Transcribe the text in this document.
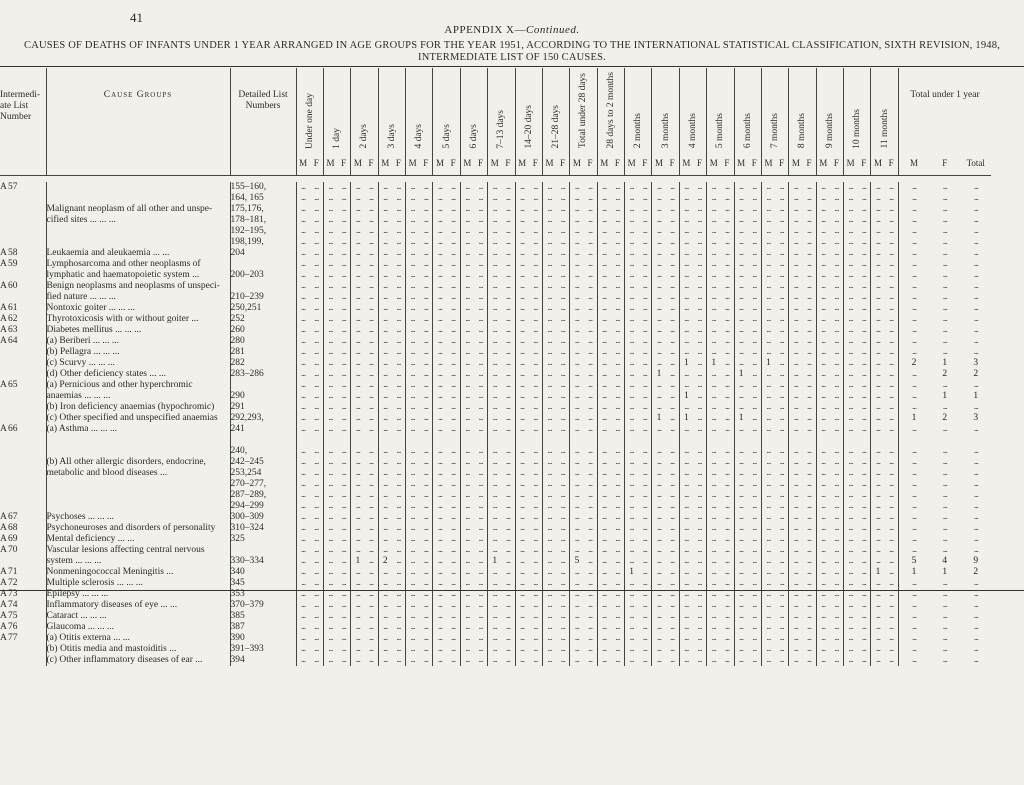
41
APPENDIX X—Continued.
CAUSES OF DEATHS OF INFANTS UNDER 1 YEAR ARRANGED IN AGE GROUPS FOR THE YEAR 1951, ACCORDING TO THE INTERNATIONAL STATISTICAL CLASSIFICATION, SIXTH REVISION, 1948,
INTERMEDIATE LIST OF 150 CAUSES.
Intermedi-ate List Number		Cause Groups	Detailed List Numbers	Under one day		1 day		2 days		3 days		4 days		5 days		6 days		7–13 days		14–20 days		21–28 days		Total under 28 days		28 days to 2 months		2 months		3 months		4 months		5 months		6 months		7 months		8 months		9 months		10 months		11 months		Total under 1 year		
				M	F	M	F	M	F	M	F	M	F	M	F	M	F	M	F	M	F	M	F	M	F	M	F	M	F	M	F	M	F	M	F	M	F	M	F	M	F	M	F	M	F	M	F	M	F	Total

A	57		155–160,	...	...	...	...	...	...	...	...	...	...	...	...	...	...	...	...	...	...	...	...	...	...	...	...	...	...	...	...	...	...	...	...	...	...	...	...	...	...	...	...	...	...	...	...	...	...	...
			164, 165	...	...	...	...	...	...	...	...	...	...	...	...	...	...	...	...	...	...	...	...	...	...	...	...	...	...	...	...	...	...	...	...	...	...	...	...	...	...	...	...	...	...	...	...	...	...	...
		Malignant neoplasm of all other and unspe-	175,176,	...	...	...	...	...	...	...	...	...	...	...	...	...	...	...	...	...	...	...	...	...	...	...	...	...	...	...	...	...	...	...	...	...	...	...	...	...	...	...	...	...	...	...	...	...	...	...
		cified sites ... ... ...	178–181,	...	...	...	...	...	...	...	...	...	...	...	...	...	...	...	...	...	...	...	...	...	...	...	...	...	...	...	...	...	...	...	...	...	...	...	...	...	...	...	...	...	...	...	...	...	...	...
			192–195,	...	...	...	...	...	...	...	...	...	...	...	...	...	...	...	...	...	...	...	...	...	...	...	...	...	...	...	...	...	...	...	...	...	...	...	...	...	...	...	...	...	...	...	...	...	...	...
			198,199,	...	...	...	...	...	...	...	...	...	...	...	...	...	...	...	...	...	...	...	...	...	...	...	...	...	...	...	...	...	...	...	...	...	...	...	...	...	...	...	...	...	...	...	...	...	...	...
A	58	Leukaemia and aleukaemia ... ...	204	...	...	...	...	...	...	...	...	...	...	...	...	...	...	...	...	...	...	...	...	...	...	...	...	...	...	...	...	...	...	...	...	...	...	...	...	...	...	...	...	...	...	...	...	...	...	...
A	59	Lymphosarcoma and other neoplasms of		...	...	...	...	...	...	...	...	...	...	...	...	...	...	...	...	...	...	...	...	...	...	...	...	...	...	...	...	...	...	...	...	...	...	...	...	...	...	...	...	...	...	...	...	...	...	...
		lymphatic and haematopoietic system ...	200–203	...	...	...	...	...	...	...	...	...	...	...	...	...	...	...	...	...	...	...	...	...	...	...	...	...	...	...	...	...	...	...	...	...	...	...	...	...	...	...	...	...	...	...	...	...	...	...
A	60	Benign neoplasms and neoplasms of unspeci-		...	...	...	...	...	...	...	...	...	...	...	...	...	...	...	...	...	...	...	...	...	...	...	...	...	...	...	...	...	...	...	...	...	...	...	...	...	...	...	...	...	...	...	...	...	...	...
		fied nature ... ... ...	210–239	...	...	...	...	...	...	...	...	...	...	...	...	...	...	...	...	...	...	...	...	...	...	...	...	...	...	...	...	...	...	...	...	...	...	...	...	...	...	...	...	...	...	...	...	...	...	...
A	61	Nontoxic goiter ... ... ...	250,251	...	...	...	...	...	...	...	...	...	...	...	...	...	...	...	...	...	...	...	...	...	...	...	...	...	...	...	...	...	...	...	...	...	...	...	...	...	...	...	...	...	...	...	...	...	...	...
A	62	Thyrotoxicosis with or without goiter ...	252	...	...	...	...	...	...	...	...	...	...	...	...	...	...	...	...	...	...	...	...	...	...	...	...	...	...	...	...	...	...	...	...	...	...	...	...	...	...	...	...	...	...	...	...	...	...	...
A	63	Diabetes mellitus ... ... ...	260	...	...	...	...	...	...	...	...	...	...	...	...	...	...	...	...	...	...	...	...	...	...	...	...	...	...	...	...	...	...	...	...	...	...	...	...	...	...	...	...	...	...	...	...	...	...	...
A	64	(a) Beriberi ... ... ...	280	...	...	...	...	...	...	...	...	...	...	...	...	...	...	...	...	...	...	...	...	...	...	...	...	...	...	...	...	...	...	...	...	...	...	...	...	...	...	...	...	...	...	...	...	...	...	...
		(b) Pellagra ... ... ...	281	...	...	...	...	...	...	...	...	...	...	...	...	...	...	...	...	...	...	...	...	...	...	...	...	...	...	...	...	...	...	...	...	...	...	...	...	...	...	...	...	...	...	...	...	...	...	...
		(c) Scurvy ... ... ...	282	...	...	...	...	...	...	...	...	...	...	...	...	...	...	...	...	...	...	...	...	...	...	...	...	...	...	...	...	1	...	1	...	...	...	1	...	...	...	...	...	...	...	...	...	2	1	3
		(d) Other deficiency states ... ...	283–286	...	...	...	...	...	...	...	...	...	...	...	...	...	...	...	...	...	...	...	...	...	...	...	...	...	...	1	...	...	...	...	...	1	...	...	...	...	...	...	...	...	...	...	...	...	2	2
A	65	(a) Pernicious and other hyperchromic		...	...	...	...	...	...	...	...	...	...	...	...	...	...	...	...	...	...	...	...	...	...	...	...	...	...	...	...	...	...	...	...	...	...	...	...	...	...	...	...	...	...	...	...	...	...	...
		anaemias ... ... ...	290	...	...	...	...	...	...	...	...	...	...	...	...	...	...	...	...	...	...	...	...	...	...	...	...	...	...	...	...	1	...	...	...	...	...	...	...	...	...	...	...	...	...	...	...	...	1	1
		(b) Iron deficiency anaemias (hypochromic)	291	...	...	...	...	...	...	...	...	...	...	...	...	...	...	...	...	...	...	...	...	...	...	...	...	...	...	...	...	...	...	...	...	...	...	...	...	...	...	...	...	...	...	...	...	...	...	...
		(c) Other specified and unspecified anaemias	292,293,	...	...	...	...	...	...	...	...	...	...	...	...	...	...	...	...	...	...	...	...	...	...	...	...	...	...	1	...	1	...	...	...	1	...	...	...	...	...	...	...	...	...	...	...	1	2	3
A	66	(a) Asthma ... ... ...	241	...	...	...	...	...	...	...	...	...	...	...	...	...	...	...	...	...	...	...	...	...	...	...	...	...	...	...	...	...	...	...	...	...	...	...	...	...	...	...	...	...	...	...	...	...	...	...

			240,	...	...	...	...	...	...	...	...	...	...	...	...	...	...	...	...	...	...	...	...	...	...	...	...	...	...	...	...	...	...	...	...	...	...	...	...	...	...	...	...	...	...	...	...	...	...	...
		(b) All other allergic disorders, endocrine,	242–245	...	...	...	...	...	...	...	...	...	...	...	...	...	...	...	...	...	...	...	...	...	...	...	...	...	...	...	...	...	...	...	...	...	...	...	...	...	...	...	...	...	...	...	...	...	...	...
		metabolic and blood diseases ...	253,254	...	...	...	...	...	...	...	...	...	...	...	...	...	...	...	...	...	...	...	...	...	...	...	...	...	...	...	...	...	...	...	...	...	...	...	...	...	...	...	...	...	...	...	...	...	...	...
			270–277,	...	...	...	...	...	...	...	...	...	...	...	...	...	...	...	...	...	...	...	...	...	...	...	...	...	...	...	...	...	...	...	...	...	...	...	...	...	...	...	...	...	...	...	...	...	...	...
			287–289,	...	...	...	...	...	...	...	...	...	...	...	...	...	...	...	...	...	...	...	...	...	...	...	...	...	...	...	...	...	...	...	...	...	...	...	...	...	...	...	...	...	...	...	...	...	...	...
			294–299	...	...	...	...	...	...	...	...	...	...	...	...	...	...	...	...	...	...	...	...	...	...	...	...	...	...	...	...	...	...	...	...	...	...	...	...	...	...	...	...	...	...	...	...	...	...	...
A	67	Psychoses ... ... ...	300–309	...	...	...	...	...	...	...	...	...	...	...	...	...	...	...	...	...	...	...	...	...	...	...	...	...	...	...	...	...	...	...	...	...	...	...	...	...	...	...	...	...	...	...	...	...	...	...
A	68	Psychoneuroses and disorders of personality	310–324	...	...	...	...	...	...	...	...	...	...	...	...	...	...	...	...	...	...	...	...	...	...	...	...	...	...	...	...	...	...	...	...	...	...	...	...	...	...	...	...	...	...	...	...	...	...	...
A	69	Mental deficiency ... ...	325	...	...	...	...	...	...	...	...	...	...	...	...	...	...	...	...	...	...	...	...	...	...	...	...	...	...	...	...	...	...	...	...	...	...	...	...	...	...	...	...	...	...	...	...	...	...	...
A	70	Vascular lesions affecting central nervous		...	...	...	...	...	...	...	...	...	...	...	...	...	...	...	...	...	...	...	...	...	...	...	...	...	...	...	...	...	...	...	...	...	...	...	...	...	...	...	...	...	...	...	...	...	...	...
		system ... ... ...	330–334	...	...	...	...	1	...	2	...	...	...	...	...	...	...	1	...	...	...	...	...	5	...	...	...	...	...	...	...	...	...	...	...	...	...	...	...	...	...	...	...	...	...	...	...	5	4	9
A	71	Nonmeningococcal Meningitis ...	340	...	...	...	...	...	...	...	...	...	...	...	...	...	...	...	...	...	...	...	...	...	...	...	...	1	...	...	...	...	...	...	...	...	...	...	...	...	...	...	...	...	...	1	...	1	1	2
A	72	Multiple sclerosis ... ... ...	345	...	...	...	...	...	...	...	...	...	...	...	...	...	...	...	...	...	...	...	...	...	...	...	...	...	...	...	...	...	...	...	...	...	...	...	...	...	...	...	...	...	...	...	...	...	...	...
A	73	Epilepsy ... ... ...	353	...	...	...	...	...	...	...	...	...	...	...	...	...	...	...	...	...	...	...	...	...	...	...	...	...	...	...	...	...	...	...	...	...	...	...	...	...	...	...	...	...	...	...	...	...	...	...
A	74	Inflammatory diseases of eye ... ...	370–379	...	...	...	...	...	...	...	...	...	...	...	...	...	...	...	...	...	...	...	...	...	...	...	...	...	...	...	...	...	...	...	...	...	...	...	...	...	...	...	...	...	...	...	...	...	...	...
A	75	Cataract ... ... ...	385	...	...	...	...	...	...	...	...	...	...	...	...	...	...	...	...	...	...	...	...	...	...	...	...	...	...	...	...	...	...	...	...	...	...	...	...	...	...	...	...	...	...	...	...	...	...	...
A	76	Glaucoma ... ... ...	387	...	...	...	...	...	...	...	...	...	...	...	...	...	...	...	...	...	...	...	...	...	...	...	...	...	...	...	...	...	...	...	...	...	...	...	...	...	...	...	...	...	...	...	...	...	...	...
A	77	(a) Otitis externa ... ...	390	...	...	...	...	...	...	...	...	...	...	...	...	...	...	...	...	...	...	...	...	...	...	...	...	...	...	...	...	...	...	...	...	...	...	...	...	...	...	...	...	...	...	...	...	...	...	...
		(b) Otitis media and mastoiditis ...	391–393	...	...	...	...	...	...	...	...	...	...	...	...	...	...	...	...	...	...	...	...	...	...	...	...	...	...	...	...	...	...	...	...	...	...	...	...	...	...	...	...	...	...	...	...	...	...	...
		(c) Other inflammatory diseases of ear ...	394	...	...	...	...	...	...	...	...	...	...	...	...	...	...	...	...	...	...	...	...	...	...	...	...	...	...	...	...	...	...	...	...	...	...	...	...	...	...	...	...	...	...	...	...	...	...	...
